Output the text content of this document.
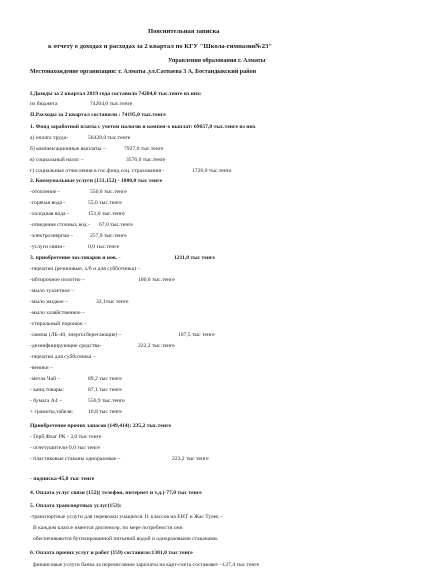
Пояснительная записка
к отчету о доходах и расходах за 2 квартал по КГУ "Школа-гимназия№23"
Управления образования г. Алматы
Местонахождение организации: г. Алматы ,ул.Сатпаева 3 А, Бостандыкский район
I.Доходы за 2 квартал 2019 года составило 74204,0 тыс.тенге из них:
из бюджета	74204,0 тыс.тенге
II.Расходы за 2 квартал составили : 74195,0 тыс.тенге
1. Фонд заработной платы с учетом налогов и компен-х выплат: 69657,0 тыс.тенге из них
а) оплата труда-	56428,0 тыс.тенге
б) компенсационные выплаты –	7927,0 тыс.тенге
в) социальный налог –	3576,0 тыс.тенге
г) социальные отчисления в гос.фонд соц. страхования -	1726,0 тыс.тенге
2. Коммунальные услуги (151,152) - 1080,0 тыс тенге
-отопление -	550,0 тыс.тенге
-горячая вода -	55,0 тыс.тенге
-холодная вода -	151,0 тыс.тенге
-отведение сточных вод - 67,0 тыс.тенге
-электроэнергия –	257,0 тыс.тенге
-услуги связи–	0,0 тыс.тенге
3. приобретение хоз.товаров и иов. -	1211,8 тыс тенге
-перчатки (резиновые, х/б и для субботника) –
-ибтирочное полотно –	100,0 тыс.тенге
-мыло туалетное –
-мыло жидкое –	32,1тыс тенге
-мыло хозяйственное –
-стиральный порошок -
-лампы (ЛБ-40, энергосберегающие) –	107,5 тыс тенге
-дезинфицирующие средства-	222,2 тыс.тенге
-перчатки для субботника –
-веники –
-метла Чай –	89,2 тыс тенге
- канц.товары:	87,1 тыс тенге
- бумага А4 –	556,9 тыс.тенге
+ грамоты,табеля:	16,8 тыс тенге
Приобретение прочих запасов (149,414): 235,2 тыс.тенге
- Герб,Флаг РК - 3,0 тыс тенге
- огнетушители-9,0 тыс тенге
- пластиковые стаканы одноразовые –	223,2 тыс тенге
- подписка-45,0 тыс тенге
4. Оплата услуг связи (152)( телефон, интернет и т.д.)-77,0 тыс тенге
5. Оплата транспортных услуг(153):
-транспортные услуги для перевозки учащихся 11 классов на ЕНТ и Жас Тулек –
В каждом классе имеется диспенсер, по мере потребности они
обеспечиваются бутилированной питьевой водой и одноразовыми стаканами.
6. Оплата прочих услуг и работ (159) составило:1301,0 тыс тенге
финансовые услуги банка за перечисление зарплаты на карт-счета составляет –127,4 тыс тенге
